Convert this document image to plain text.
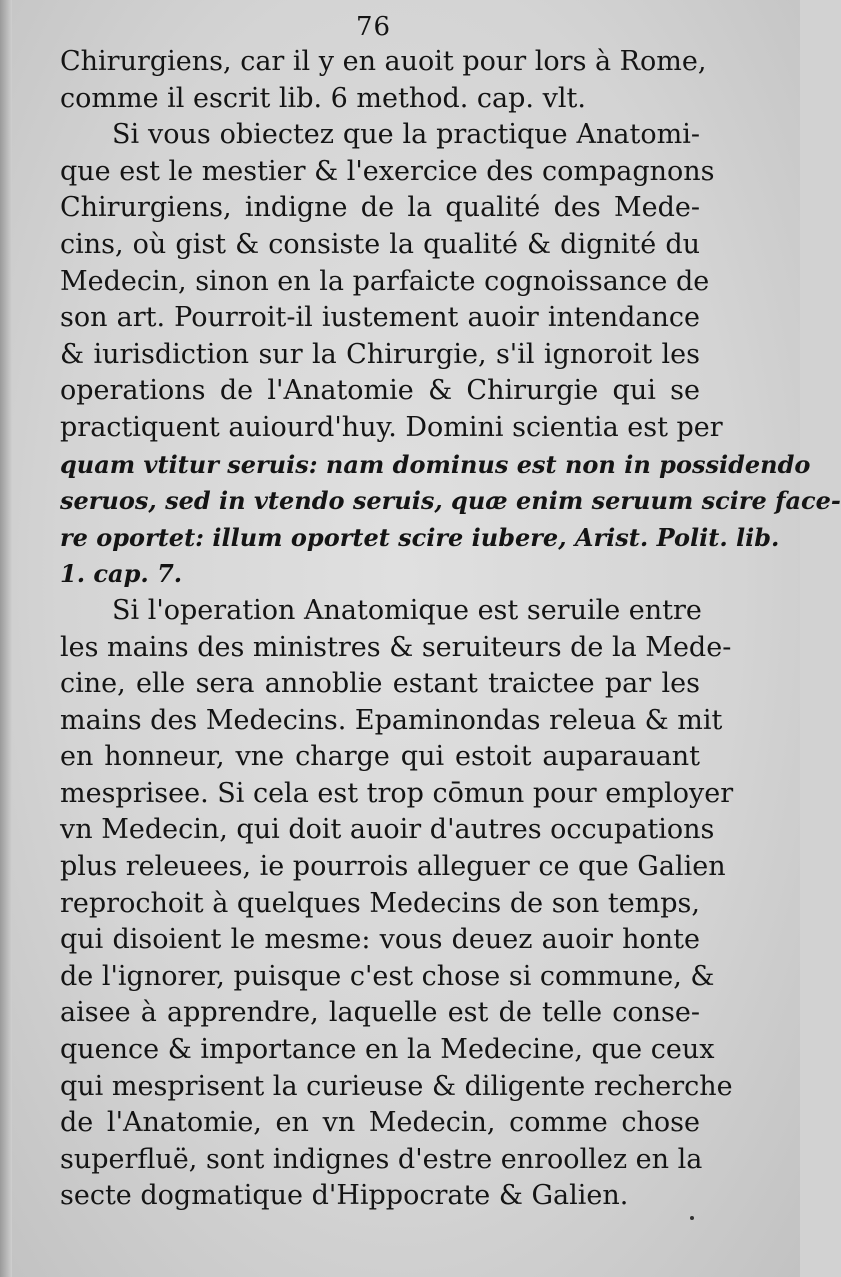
76
Chirurgiens, car il y en auoit pour lors à Rome,
comme il escrit lib. 6 method. cap. vlt.
Si vous obiectez que la practique Anatomi-
que est le mestier & l'exercice des compagnons
Chirurgiens, indigne de la qualité des Mede-
cins, où gist & consiste la qualité & dignité du
Medecin, sinon en la parfaicte cognoissance de
son art. Pourroit-il iustement auoir intendance
& iurisdiction sur la Chirurgie, s'il ignoroit les
operations de l'Anatomie & Chirurgie qui se
practiquent auiourd'huy. Domini scientia est per
quam vtitur seruis: nam dominus est non in possidendo
seruos, sed in vtendo seruis, quæ enim seruum scire face-
re oportet: illum oportet scire iubere, Arist. Polit. lib.
1. cap. 7.
Si l'operation Anatomique est seruile entre
les mains des ministres & seruiteurs de la Mede-
cine, elle sera annoblie estant traictee par les
mains des Medecins. Epaminondas releua & mit
en honneur, vne charge qui estoit auparauant
mesprisee. Si cela est trop cōmun pour employer
vn Medecin, qui doit auoir d'autres occupations
plus releuees, ie pourrois alleguer ce que Galien
reprochoit à quelques Medecins de son temps,
qui disoient le mesme: vous deuez auoir honte
de l'ignorer, puisque c'est chose si commune, &
aisee à apprendre, laquelle est de telle conse-
quence & importance en la Medecine, que ceux
qui mesprisent la curieuse & diligente recherche
de l'Anatomie, en vn Medecin, comme chose
superfluë, sont indignes d'estre enroollez en la
secte dogmatique d'Hippocrate & Galien.
